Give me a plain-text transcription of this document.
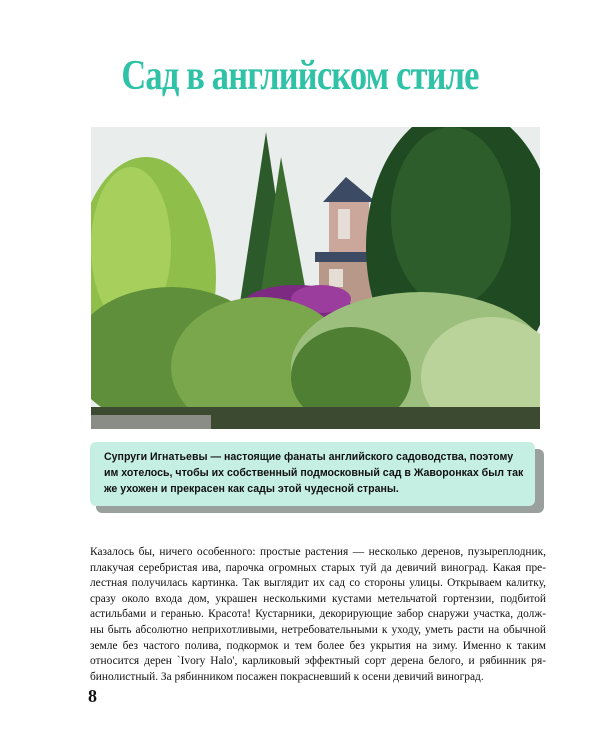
Сад в английском стиле
Супруги Игнатьевы — настоящие фанаты английского садоводства, поэтому им хотелось, чтобы их собственный подмосковный сад в Жаворонках был так же ухожен и прекрасен как сады этой чудесной страны.
Казалось бы, ничего особенного: простые растения — несколько деренов, пузыреплодник,
плакучая серебристая ива, парочка огромных старых туй да девичий виноград. Какая пре-
лестная получилась картинка. Так выглядит их сад со стороны улицы. Открываем калитку,
сразу около входа дом, украшен несколькими кустами метельчатой гортензии, подбитой
астильбами и геранью. Красота! Кустарники, декорирующие забор снаружи участка, долж-
ны быть абсолютно неприхотливыми, нетребовательными к уходу, уметь расти на обычной
земле без частого полива, подкормок и тем более без укрытия на зиму. Именно к таким
относится дерен `Ivory Halo', карликовый эффектный сорт дерена белого, и рябинник ря-
бинолистный. За рябинником посажен покрасневший к осени девичий виноград.
8
